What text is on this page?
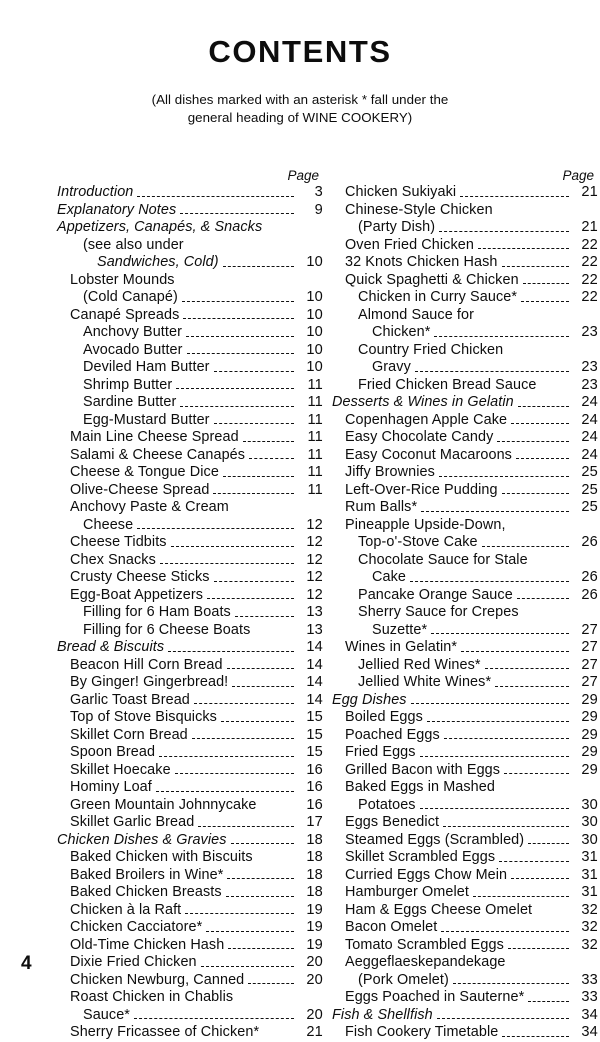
CONTENTS
(All dishes marked with an asterisk * fall under the
general heading of WINE COOKERY)
Page
Introduction	3
Explanatory Notes	9
Appetizers, Canapés, & Snacks
(see also under
Sandwiches, Cold)	10
Lobster Mounds
(Cold Canapé)	10
Canapé Spreads	10
Anchovy Butter	10
Avocado Butter	10
Deviled Ham Butter	10
Shrimp Butter	11
Sardine Butter	11
Egg-Mustard Butter	11
Main Line Cheese Spread	11
Salami & Cheese Canapés	11
Cheese & Tongue Dice	11
Olive-Cheese Spread	11
Anchovy Paste & Cream
Cheese	12
Cheese Tidbits	12
Chex Snacks	12
Crusty Cheese Sticks	12
Egg-Boat Appetizers	12
Filling for 6 Ham Boats	13
Filling for 6 Cheese Boats	13
Bread & Biscuits	14
Beacon Hill Corn Bread	14
By Ginger! Gingerbread!	14
Garlic Toast Bread	14
Top of Stove Bisquicks	15
Skillet Corn Bread	15
Spoon Bread	15
Skillet Hoecake	16
Hominy Loaf	16
Green Mountain Johnnycake	16
Skillet Garlic Bread	17
Chicken Dishes & Gravies	18
Baked Chicken with Biscuits	18
Baked Broilers in Wine*	18
Baked Chicken Breasts	18
Chicken à la Raft	19
Chicken Cacciatore*	19
Old-Time Chicken Hash	19
Dixie Fried Chicken	20
Chicken Newburg, Canned	20
Roast Chicken in Chablis
Sauce*	20
Sherry Fricassee of Chicken*	21
Page
Chicken Sukiyaki	21
Chinese-Style Chicken
(Party Dish)	21
Oven Fried Chicken	22
32 Knots Chicken Hash	22
Quick Spaghetti & Chicken	22
Chicken in Curry Sauce*	22
Almond Sauce for
Chicken*	23
Country Fried Chicken
Gravy	23
Fried Chicken Bread Sauce	23
Desserts & Wines in Gelatin	24
Copenhagen Apple Cake	24
Easy Chocolate Candy	24
Easy Coconut Macaroons	24
Jiffy Brownies	25
Left-Over-Rice Pudding	25
Rum Balls*	25
Pineapple Upside-Down,
Top-o'-Stove Cake	26
Chocolate Sauce for Stale
Cake	26
Pancake Orange Sauce	26
Sherry Sauce for Crepes
Suzette*	27
Wines in Gelatin*	27
Jellied Red Wines*	27
Jellied White Wines*	27
Egg Dishes	29
Boiled Eggs	29
Poached Eggs	29
Fried Eggs	29
Grilled Bacon with Eggs	29
Baked Eggs in Mashed
Potatoes	30
Eggs Benedict	30
Steamed Eggs (Scrambled)	30
Skillet Scrambled Eggs	31
Curried Eggs Chow Mein	31
Hamburger Omelet	31
Ham & Eggs Cheese Omelet	32
Bacon Omelet	32
Tomato Scrambled Eggs	32
Aeggeflaeskepandekage
(Pork Omelet)	33
Eggs Poached in Sauterne*	33
Fish & Shellfish	34
Fish Cookery Timetable	34
4
